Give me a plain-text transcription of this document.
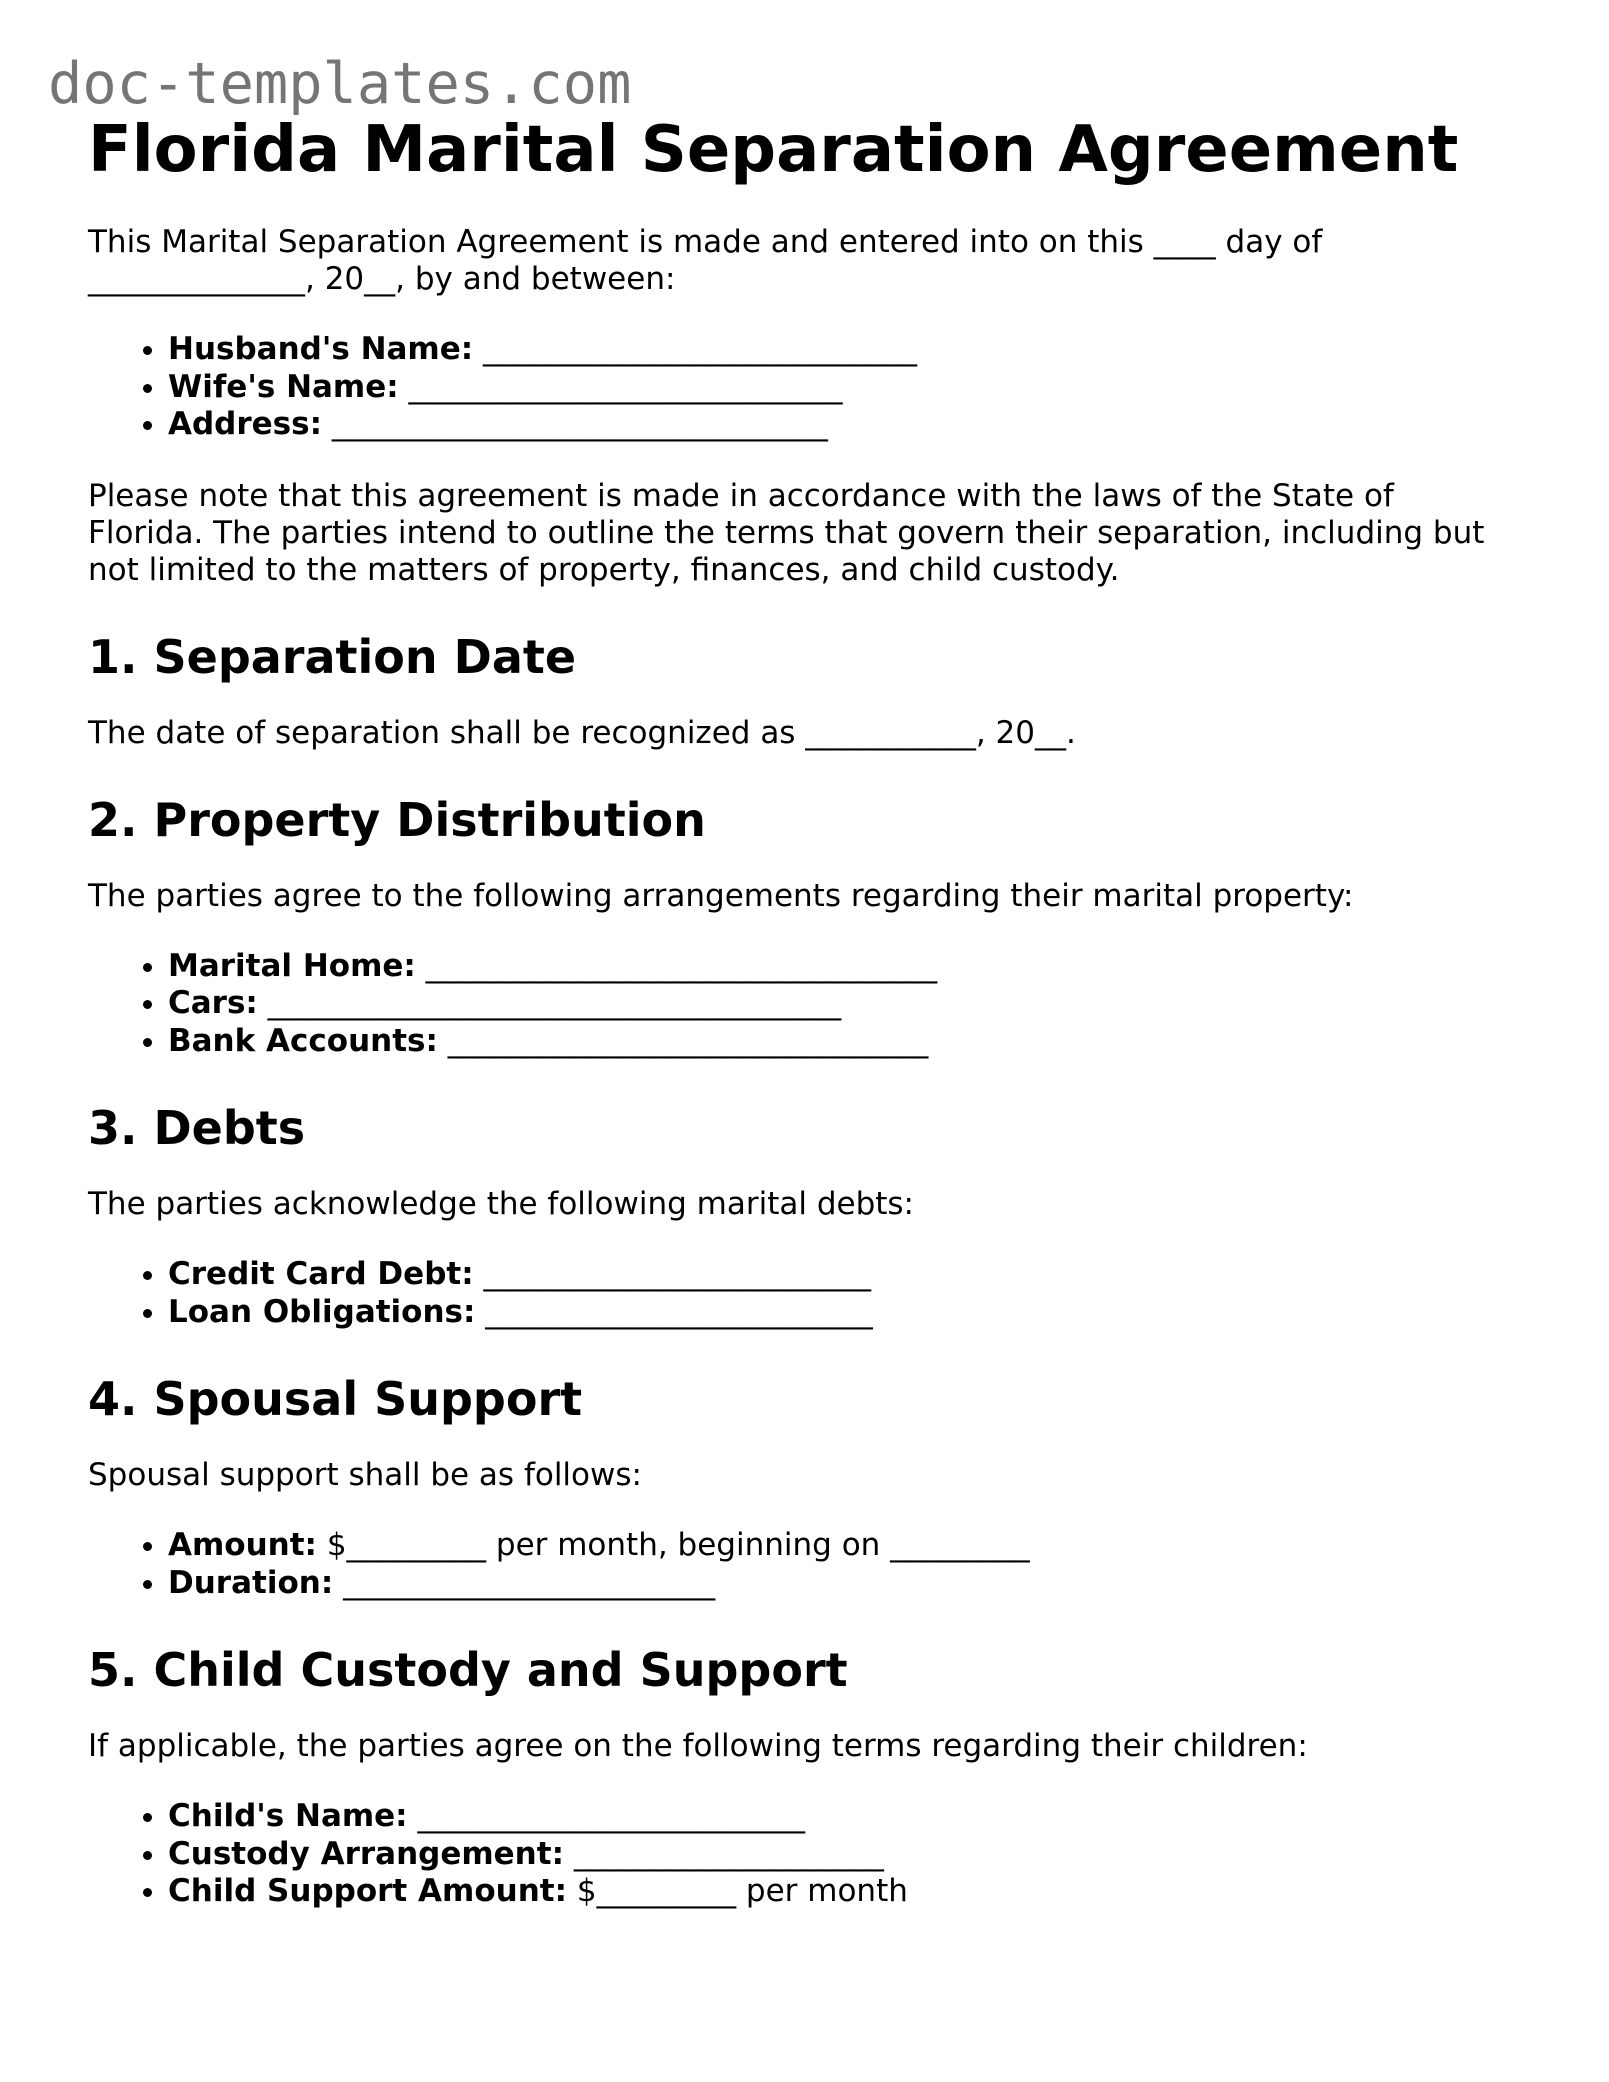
doc-templates.com
Florida Marital Separation Agreement

This Marital Separation Agreement is made and entered into on this ____ day of
______________, 20__, by and between:

• Husband's Name: ____________________________
• Wife's Name: ____________________________
• Address: ________________________________

Please note that this agreement is made in accordance with the laws of the State of
Florida. The parties intend to outline the terms that govern their separation, including but
not limited to the matters of property, finances, and child custody.

1. Separation Date

The date of separation shall be recognized as ___________, 20__.

2. Property Distribution

The parties agree to the following arrangements regarding their marital property:

• Marital Home: _________________________________
• Cars: _____________________________________
• Bank Accounts: _______________________________
3. Debts

The parties acknowledge the following marital debts:

• Credit Card Debt: _________________________
• Loan Obligations: _________________________
4. Spousal Support

Spousal support shall be as follows:

• Amount: $_________ per month, beginning on _________
• Duration: ________________________
5. Child Custody and Support

If applicable, the parties agree on the following terms regarding their children:

• Child's Name: _________________________
• Custody Arrangement: ____________________
• Child Support Amount: $_________ per month
